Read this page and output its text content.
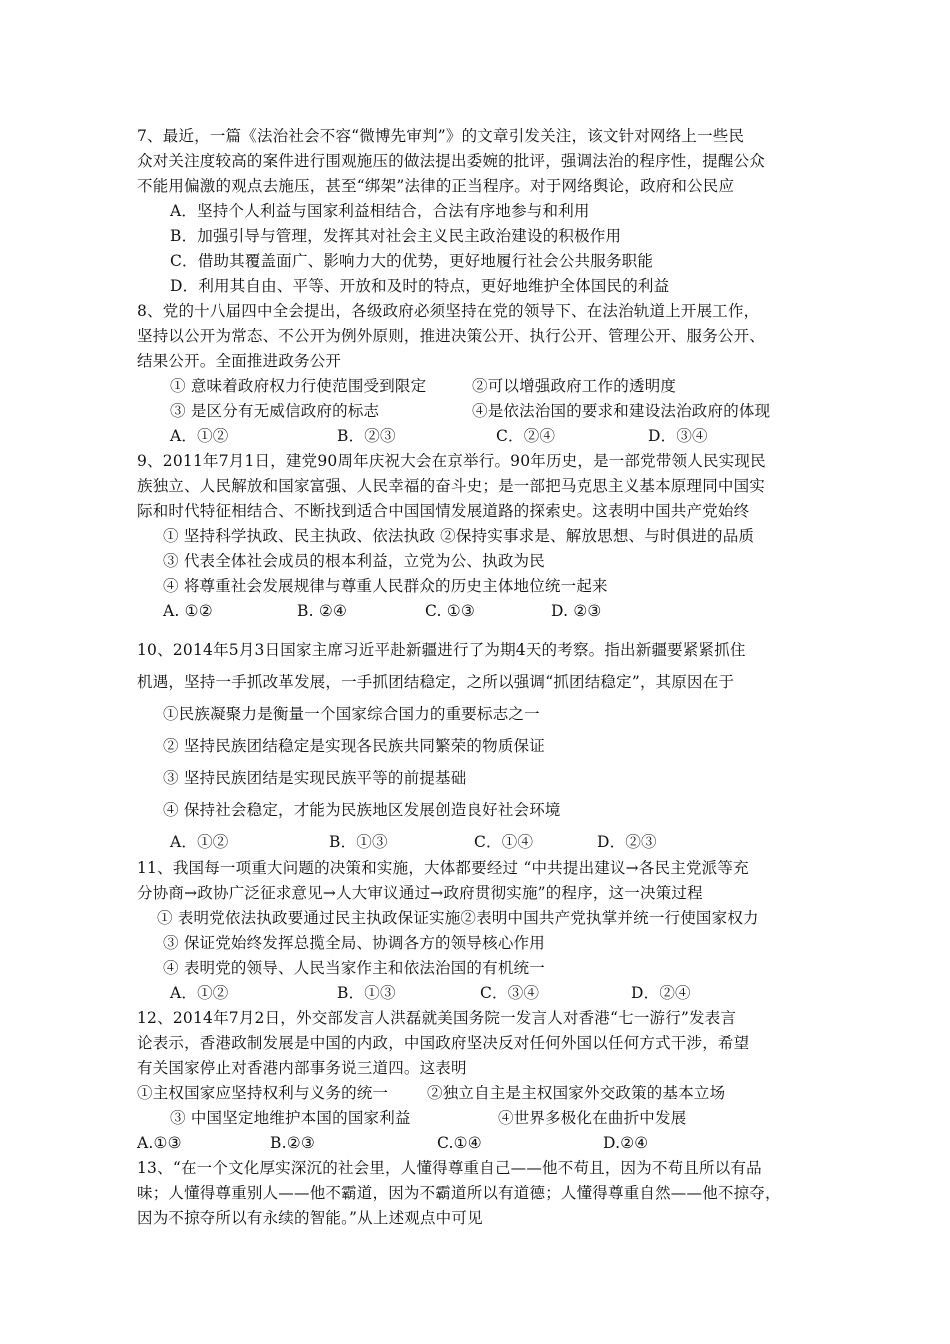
7、最近，一篇《法治社会不容“微博先审判”》的文章引发关注，该文针对网络上一些民
众对关注度较高的案件进行围观施压的做法提出委婉的批评，强调法治的程序性，提醒公众
不能用偏激的观点去施压，甚至“绑架”法律的正当程序。对于网络舆论，政府和公民应
A．坚持个人利益与国家利益相结合，合法有序地参与和利用
B．加强引导与管理，发挥其对社会主义民主政治建设的积极作用
C．借助其覆盖面广、影响力大的优势，更好地履行社会公共服务职能
D．利用其自由、平等、开放和及时的特点，更好地维护全体国民的利益
8、党的十八届四中全会提出，各级政府必须坚持在党的领导下、在法治轨道上开展工作，
坚持以公开为常态、不公开为例外原则，推进决策公开、执行公开、管理公开、服务公开、
结果公开。全面推进政务公开
① 意味着政府权力行使范围受到限定	②可以增强政府工作的透明度
③ 是区分有无威信政府的标志	④是依法治国的要求和建设法治政府的体现
A．①②	B．②③	C．②④	D．③④
9、2011年7月1日，建党90周年庆祝大会在京举行。90年历史，是一部党带领人民实现民
族独立、人民解放和国家富强、人民幸福的奋斗史；是一部把马克思主义基本原理同中国实
际和时代特征相结合、不断找到适合中国国情发展道路的探索史。这表明中国共产党始终
① 坚持科学执政、民主执政、依法执政 ②保持实事求是、解放思想、与时俱进的品质
③ 代表全体社会成员的根本利益，立党为公、执政为民
④ 将尊重社会发展规律与尊重人民群众的历史主体地位统一起来
A. ①②	B. ②④	C. ①③	D. ②③
10、2014年5月3日国家主席习近平赴新疆进行了为期4天的考察。指出新疆要紧紧抓住
机遇，坚持一手抓改革发展，一手抓团结稳定，之所以强调“抓团结稳定”，其原因在于
①民族凝聚力是衡量一个国家综合国力的重要标志之一
② 坚持民族团结稳定是实现各民族共同繁荣的物质保证
③ 坚持民族团结是实现民族平等的前提基础
④ 保持社会稳定，才能为民族地区发展创造良好社会环境
A．①②	B．①③	C．①④	D．②③
11、我国每一项重大问题的决策和实施，大体都要经过 “中共提出建议→各民主党派等充
分协商→政协广泛征求意见→人大审议通过→政府贯彻实施”的程序，这一决策过程
① 表明党依法执政要通过民主执政保证实施②表明中国共产党执掌并统一行使国家权力
③ 保证党始终发挥总揽全局、协调各方的领导核心作用
④ 表明党的领导、人民当家作主和依法治国的有机统一
A．①②	B．①③	C．③④	D．②④
12、2014年7月2日，外交部发言人洪磊就美国务院一发言人对香港“七一游行”发表言
论表示，香港政制发展是中国的内政，中国政府坚决反对任何外国以任何方式干涉，希望
有关国家停止对香港内部事务说三道四。这表明
①主权国家应坚持权利与义务的统一	②独立自主是主权国家外交政策的基本立场
③ 中国坚定地维护本国的国家利益	④世界多极化在曲折中发展
A.①③	B.②③	C.①④	D.②④
13、“在一个文化厚实深沉的社会里，人懂得尊重自己——他不苟且，因为不苟且所以有品
味；人懂得尊重别人——他不霸道，因为不霸道所以有道德；人懂得尊重自然——他不掠夺，
因为不掠夺所以有永续的智能。”从上述观点中可见
